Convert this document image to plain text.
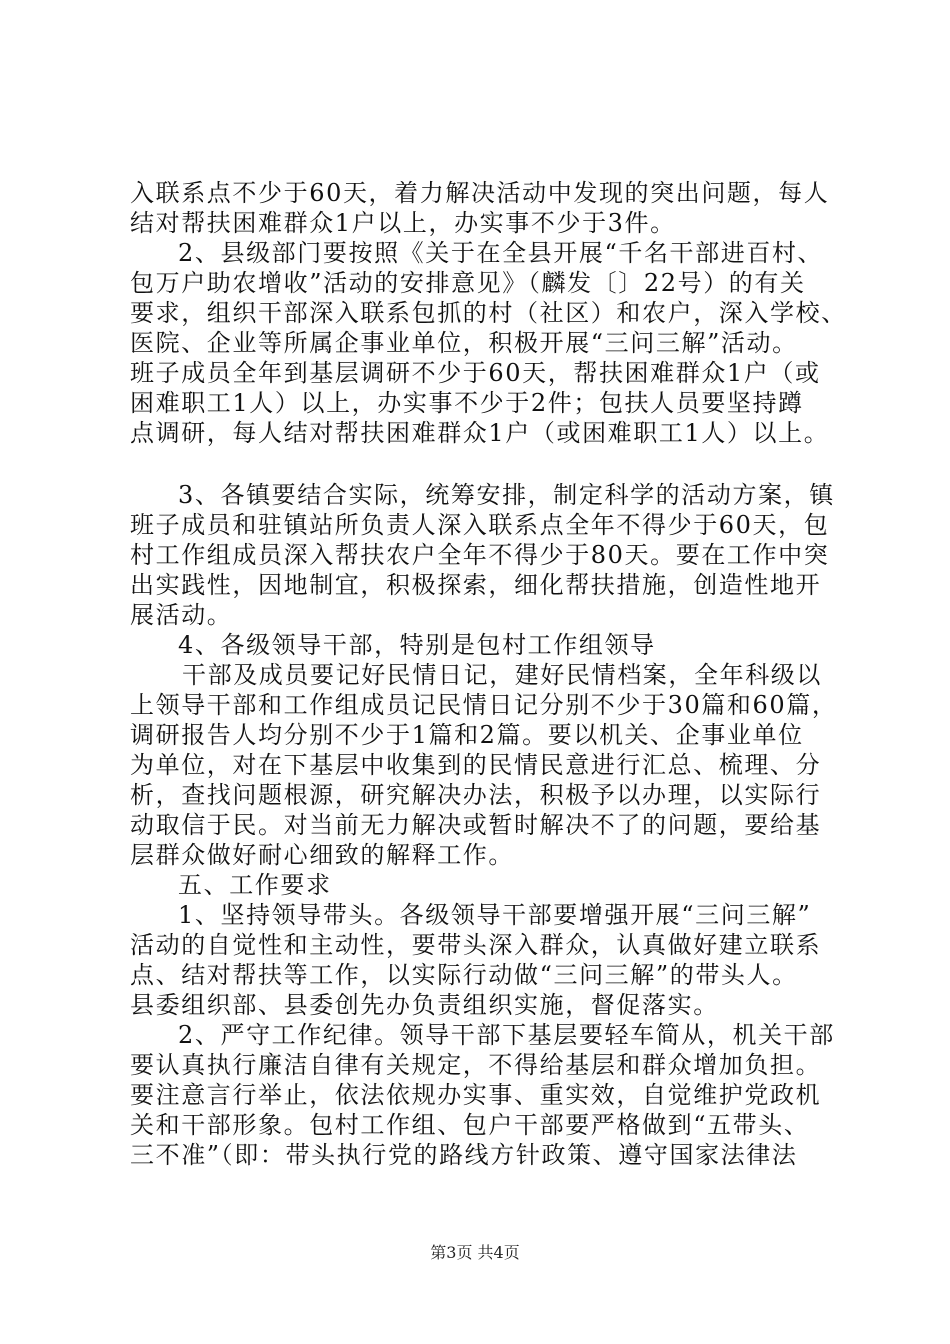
入联系点不少于60天，着力解决活动中发现的突出问题，每人
结对帮扶困难群众1户以上，办实事不少于3件。
2、县级部门要按照《关于在全县开展“千名干部进百村、
包万户助农增收”活动的安排意见》（麟发〔〕22号）的有关
要求，组织干部深入联系包抓的村（社区）和农户，深入学校、
医院、企业等所属企事业单位，积极开展“三问三解”活动。
班子成员全年到基层调研不少于60天，帮扶困难群众1户（或
困难职工1人）以上，办实事不少于2件；包扶人员要坚持蹲
点调研，每人结对帮扶困难群众1户（或困难职工1人）以上。
3、各镇要结合实际，统筹安排，制定科学的活动方案，镇
班子成员和驻镇站所负责人深入联系点全年不得少于60天，包
村工作组成员深入帮扶农户全年不得少于80天。要在工作中突
出实践性，因地制宜，积极探索，细化帮扶措施，创造性地开
展活动。
4、各级领导干部，特别是包村工作组领导
干部及成员要记好民情日记，建好民情档案，全年科级以
上领导干部和工作组成员记民情日记分别不少于30篇和60篇，
调研报告人均分别不少于1篇和2篇。要以机关、企事业单位
为单位，对在下基层中收集到的民情民意进行汇总、梳理、分
析，查找问题根源，研究解决办法，积极予以办理，以实际行
动取信于民。对当前无力解决或暂时解决不了的问题，要给基
层群众做好耐心细致的解释工作。
五、工作要求
1、坚持领导带头。各级领导干部要增强开展“三问三解”
活动的自觉性和主动性，要带头深入群众，认真做好建立联系
点、结对帮扶等工作，以实际行动做“三问三解”的带头人。
县委组织部、县委创先办负责组织实施，督促落实。
2、严守工作纪律。领导干部下基层要轻车简从，机关干部
要认真执行廉洁自律有关规定，不得给基层和群众增加负担。
要注意言行举止，依法依规办实事、重实效，自觉维护党政机
关和干部形象。包村工作组、包户干部要严格做到“五带头、
三不准”（即：带头执行党的路线方针政策、遵守国家法律法
第3页 共4页
